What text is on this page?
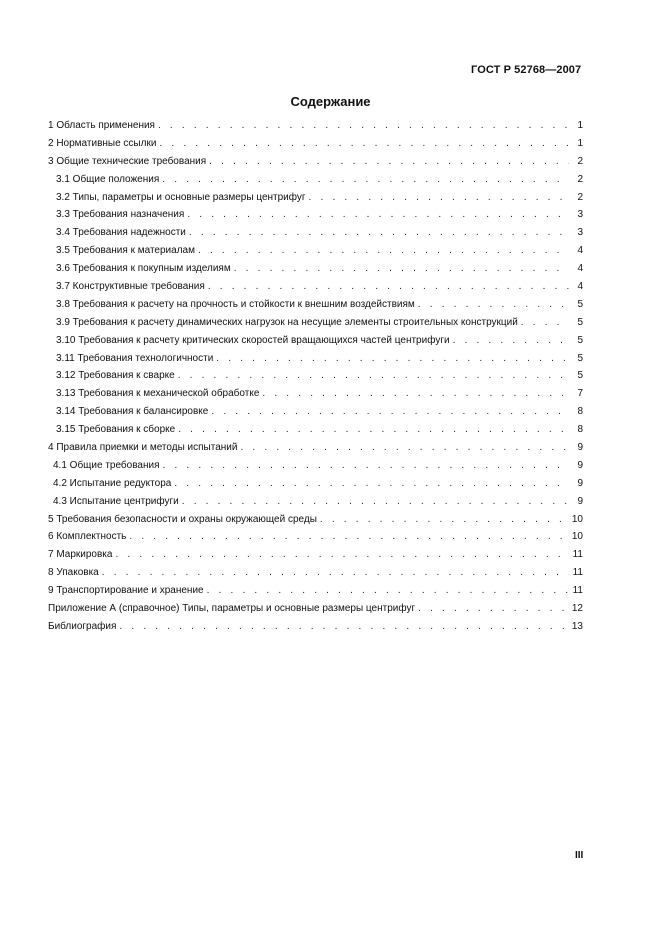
ГОСТ Р 52768—2007
Содержание
1 Область применения . . .	1
2 Нормативные ссылки . . .	1
3 Общие технические требования . . .	2
3.1 Общие положения . . .	2
3.2 Типы, параметры и основные размеры центрифуг . . .	2
3.3 Требования назначения . . .	3
3.4 Требования надежности . . .	3
3.5 Требования к материалам . . .	4
3.6 Требования к покупным изделиям . . .	4
3.7 Конструктивные требования . . .	4
3.8 Требования к расчету на прочность и стойкости к внешним воздействиям . . .	5
3.9 Требования к расчету динамических нагрузок на несущие элементы строительных конструкций . . .	5
3.10 Требования к расчету критических скоростей вращающихся частей центрифуги . . .	5
3.11 Требования технологичности . . .	5
3.12 Требования к сварке . . .	5
3.13 Требования к механической обработке . . .	7
3.14 Требования к балансировке . . .	8
3.15 Требования к сборке . . .	8
4 Правила приемки и методы испытаний . . .	9
4.1 Общие требования . . .	9
4.2 Испытание редуктора . . .	9
4.3 Испытание центрифуги . . .	9
5 Требования безопасности и охраны окружающей среды . . .	10
6 Комплектность . . .	10
7 Маркировка . . .	11
8 Упаковка . . .	11
9 Транспортирование и хранение . . .	11
Приложение А (справочное) Типы, параметры и основные размеры центрифуг . . .	12
Библиография . . .	13
III
